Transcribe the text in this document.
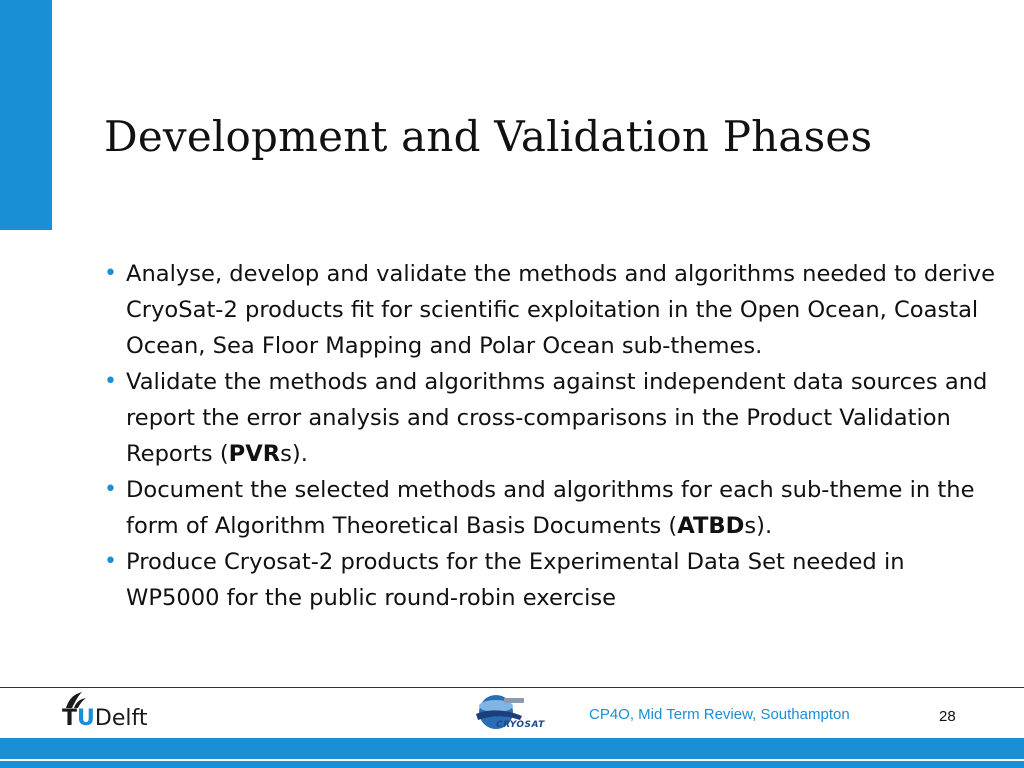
Development and Validation Phases
• Analyse, develop and validate the methods and algorithms needed to derive CryoSat-2 products fit for scientific exploitation in the Open Ocean, Coastal Ocean, Sea Floor Mapping and Polar Ocean sub-themes.
• Validate the methods and algorithms against independent data sources and report the error analysis and cross-comparisons in the Product Validation Reports (PVRs).
• Document the selected methods and algorithms for each sub-theme in the form of Algorithm Theoretical Basis Documents (ATBDs).
• Produce Cryosat-2 products for the Experimental Data Set needed in WP5000 for the public round-robin exercise
TUDelft	CRYOSAT
CP4O, Mid Term Review, Southampton	28
